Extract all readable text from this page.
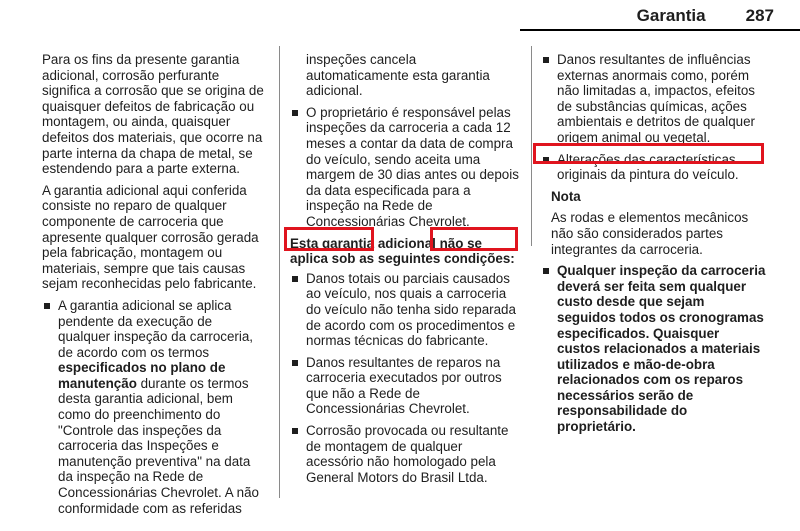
Garantia 287

Para os fins da presente garantia adicional, corrosão perfurante significa a corrosão que se origina de quaisquer defeitos de fabricação ou montagem, ou ainda, quaisquer defeitos dos materiais, que ocorre na parte interna da chapa de metal, se estendendo para a parte externa.

A garantia adicional aqui conferida consiste no reparo de qualquer componente de carroceria que apresente qualquer corrosão gerada pela fabricação, montagem ou materiais, sempre que tais causas sejam reconhecidas pelo fabricante.

A garantia adicional se aplica pendente da execução de qualquer inspeção da carroceria, de acordo com os termos especificados no plano de manutenção durante os termos desta garantia adicional, bem como do preenchimento do "Controle das inspeções da carroceria das Inspeções e manutenção preventiva" na data da inspeção na Rede de Concessionárias Chevrolet. A não conformidade com as referidas

inspeções cancela automaticamente esta garantia adicional.

O proprietário é responsável pelas inspeções da carroceria a cada 12 meses a contar da data de compra do veículo, sendo aceita uma margem de 30 dias antes ou depois da data especificada para a inspeção na Rede de Concessionárias Chevrolet.
Esta garantia adicional não se aplica sob as seguintes condições:
Danos totais ou parciais causados ao veículo, nos quais a carroceria do veículo não tenha sido reparada de acordo com os procedimentos e normas técnicas do fabricante.
Danos resultantes de reparos na carroceria executados por outros que não a Rede de Concessionárias Chevrolet.
Corrosão provocada ou resultante de montagem de qualquer acessório não homologado pela General Motors do Brasil Ltda.
Danos resultantes de influências externas anormais como, porém não limitadas a, impactos, efeitos de substâncias químicas, ações ambientais e detritos de qualquer origem animal ou vegetal.
Alterações das características originais da pintura do veículo.

Nota

As rodas e elementos mecânicos não são considerados partes integrantes da carroceria.

Qualquer inspeção da carroceria deverá ser feita sem qualquer custo desde que sejam seguidos todos os cronogramas especificados. Quaisquer custos relacionados a materiais utilizados e mão-de-obra relacionados com os reparos necessários serão de responsabilidade do proprietário.
